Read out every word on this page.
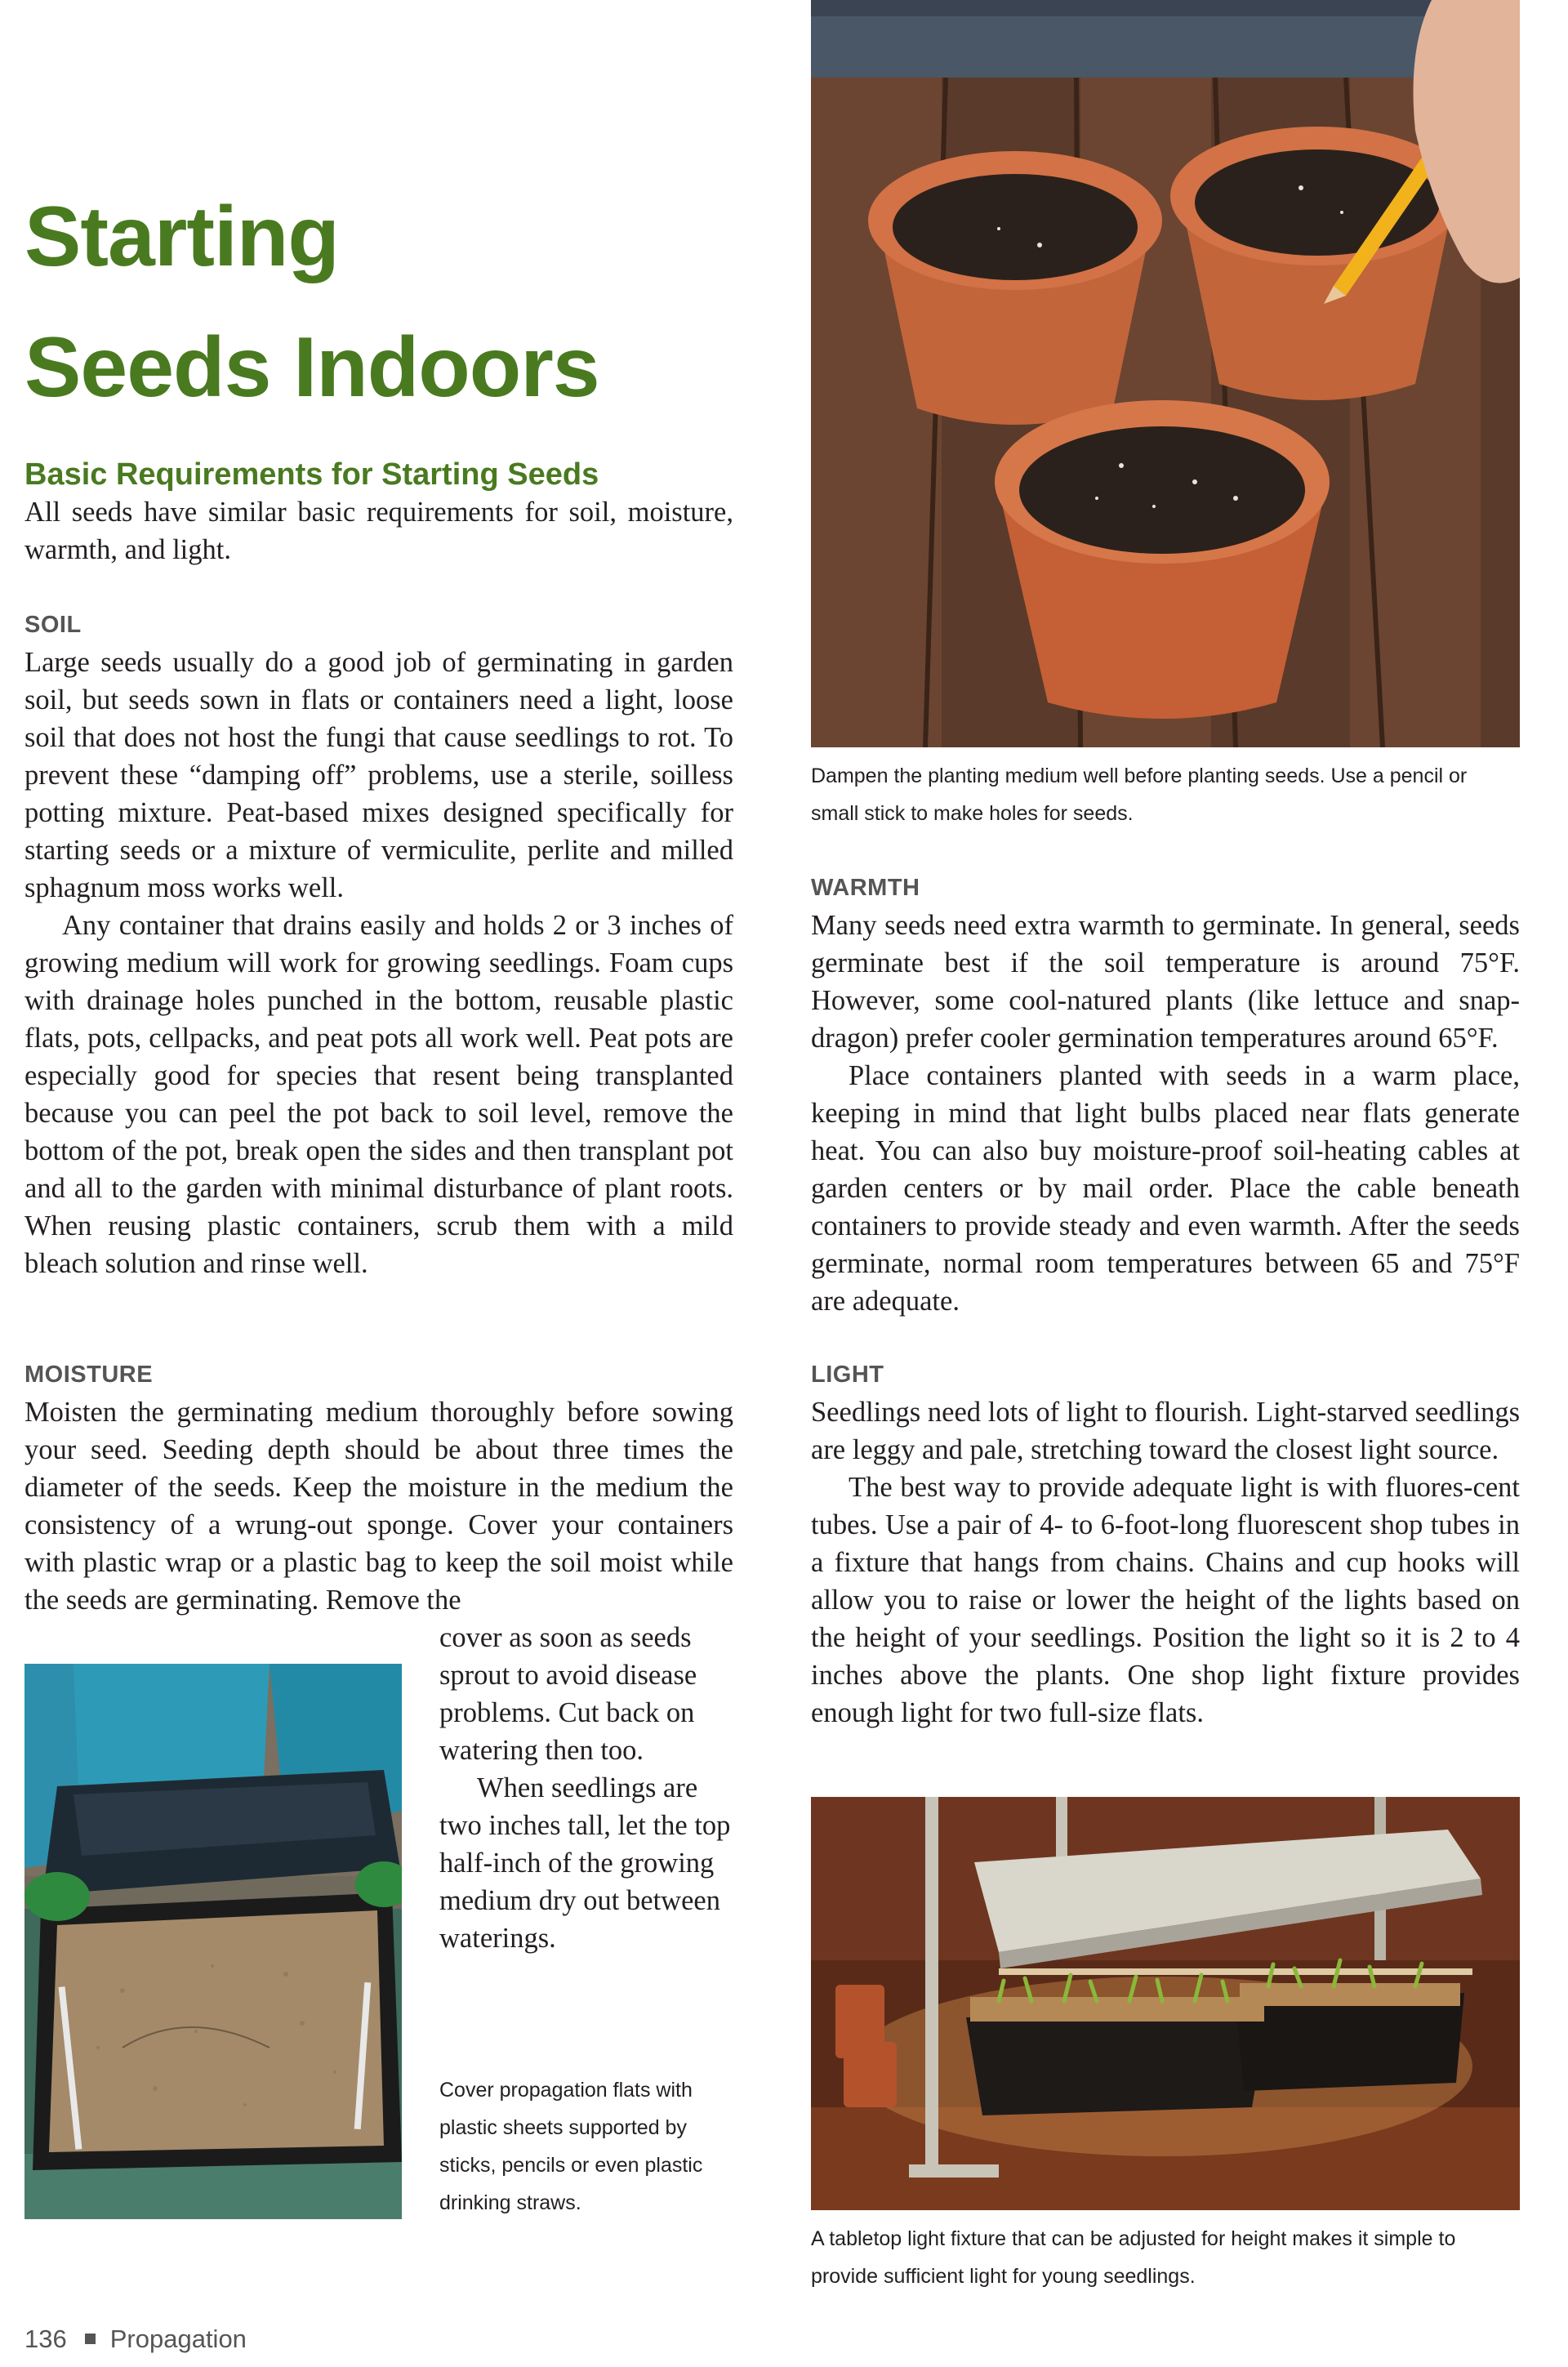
Starting
Seeds Indoors
Basic Requirements for Starting Seeds

All seeds have similar basic requirements for soil, moisture, warmth, and light.

SOIL

Large seeds usually do a good job of germinating in garden soil, but seeds sown in flats or containers need a light, loose soil that does not host the fungi that cause seedlings to rot. To prevent these “damping off” problems, use a sterile, soilless potting mixture. Peat-based mixes designed specifically for starting seeds or a mixture of vermiculite, perlite and milled sphagnum moss works well.

Any container that drains easily and holds 2 or 3 inches of growing medium will work for growing seedlings. Foam cups with drainage holes punched in the bottom, reusable plastic flats, pots, cellpacks, and peat pots all work well. Peat pots are especially good for species that resent being transplanted because you can peel the pot back to soil level, remove the bottom of the pot, break open the sides and then transplant pot and all to the garden with minimal disturbance of plant roots. When reusing plastic containers, scrub them with a mild bleach solution and rinse well.

MOISTURE

Moisten the germinating medium thoroughly before sowing your seed. Seeding depth should be about three times the diameter of the seeds. Keep the moisture in the medium the consistency of a wrung-out sponge. Cover your containers with plastic wrap or a plastic bag to keep the soil moist while the seeds are germinating. Remove the

cover as soon as seeds sprout to avoid disease problems. Cut back on watering then too.

When seedlings are two inches tall, let the top half-inch of the growing medium dry out between waterings.

Cover propagation flats with plastic sheets supported by sticks, pencils or even plastic drinking straws.
Dampen the planting medium well before planting seeds. Use a pencil or small stick to make holes for seeds.
WARMTH

Many seeds need extra warmth to germinate. In general, seeds germinate best if the soil temperature is around 75°F. However, some cool-natured plants (like lettuce and snap-dragon) prefer cooler germination temperatures around 65°F.

Place containers planted with seeds in a warm place, keeping in mind that light bulbs placed near flats generate heat. You can also buy moisture-proof soil-heating cables at garden centers or by mail order. Place the cable beneath containers to provide steady and even warmth. After the seeds germinate, normal room temperatures between 65 and 75°F are adequate.

LIGHT

Seedlings need lots of light to flourish. Light-starved seedlings are leggy and pale, stretching toward the closest light source.

The best way to provide adequate light is with fluores-cent tubes. Use a pair of 4- to 6-foot-long fluorescent shop tubes in a fixture that hangs from chains. Chains and cup hooks will allow you to raise or lower the height of the lights based on the height of your seedlings. Position the light so it is 2 to 4 inches above the plants. One shop light fixture provides enough light for two full-size flats.

A tabletop light fixture that can be adjusted for height makes it simple to provide sufficient light for young seedlings.
136 Propagation
